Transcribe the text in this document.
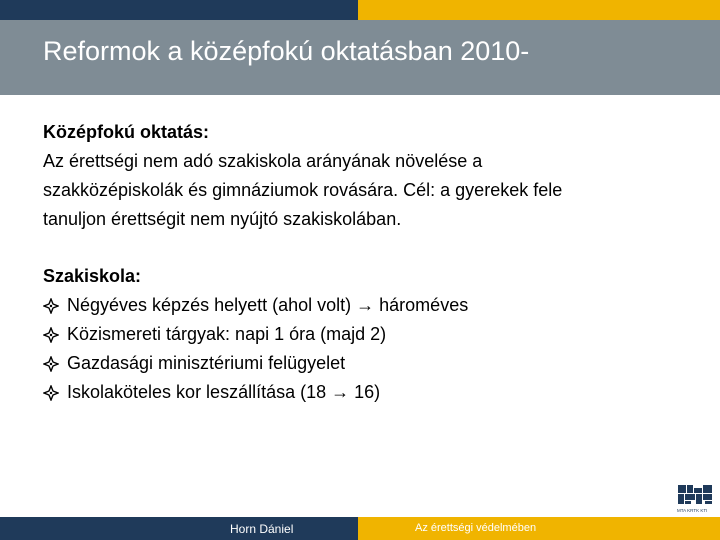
Reformok a középfokú oktatásban 2010-
Középfokú oktatás:
Az érettségi nem adó szakiskola arányának növelése a
szakközépiskolák és gimnáziumok rovására. Cél: a gyerekek fele
tanuljon érettségit nem nyújtó szakiskolában.
Szakiskola:
Négyéves képzés helyett (ahol volt) → hároméves
Közismereti tárgyak: napi 1 óra (majd 2)
Gazdasági minisztériumi felügyelet
Iskolaköteles kor leszállítása (18 → 16)
MTA KRTK KTI
Horn Dániel	Az érettségi védelmében
